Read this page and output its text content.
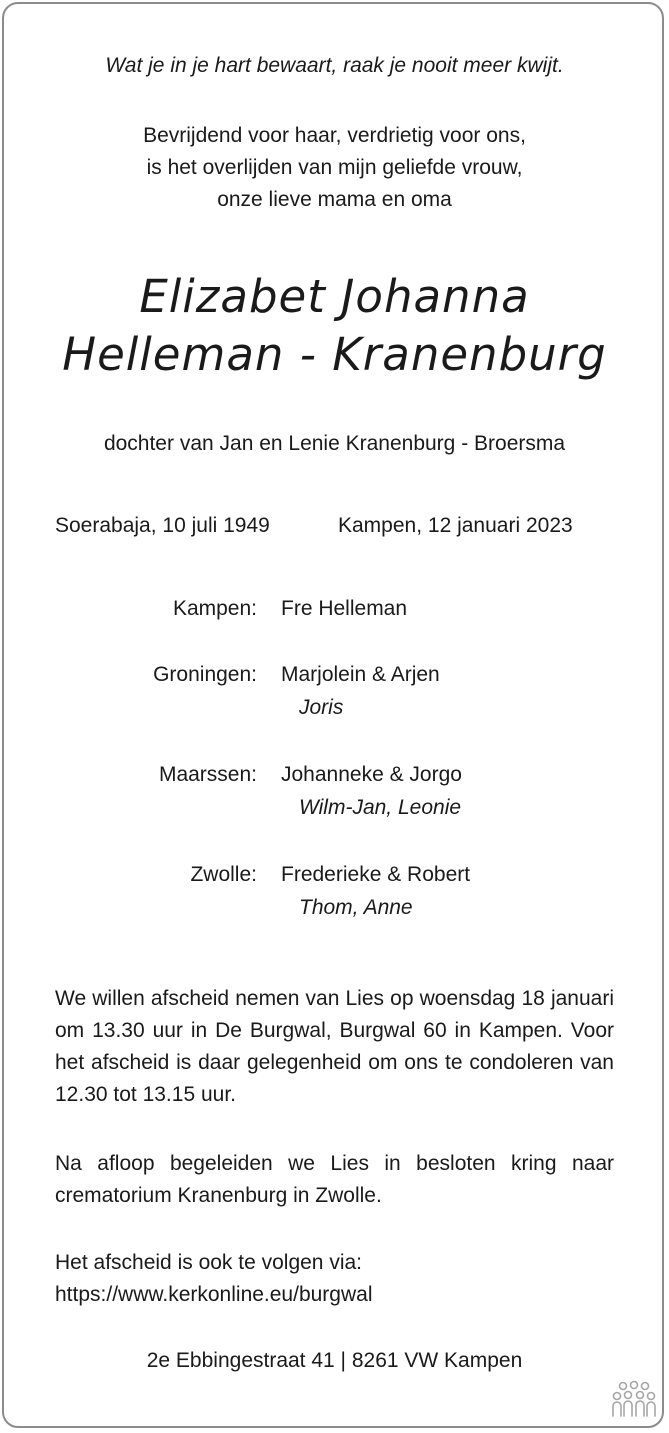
Wat je in je hart bewaart, raak je nooit meer kwijt.
Bevrijdend voor haar, verdrietig voor ons,
is het overlijden van mijn geliefde vrouw,
onze lieve mama en oma
Elizabet Johanna
Helleman - Kranenburg
dochter van Jan en Lenie Kranenburg - Broersma
Soerabaja, 10 juli 1949	Kampen, 12 januari 2023
Kampen: Fre Helleman
Groningen: Marjolein & Arjen
Joris
Maarssen: Johanneke & Jorgo
Wilm-Jan, Leonie
Zwolle: Frederieke & Robert
Thom, Anne
We willen afscheid nemen van Lies op woensdag 18 januari om 13.30 uur in De Burgwal, Burgwal 60 in Kampen. Voor het afscheid is daar gelegenheid om ons te condoleren van 12.30 tot 13.15 uur.
Na afloop begeleiden we Lies in besloten kring naar crematorium Kranenburg in Zwolle.
Het afscheid is ook te volgen via:
https://www.kerkonline.eu/burgwal
2e Ebbingestraat 41 | 8261 VW Kampen
